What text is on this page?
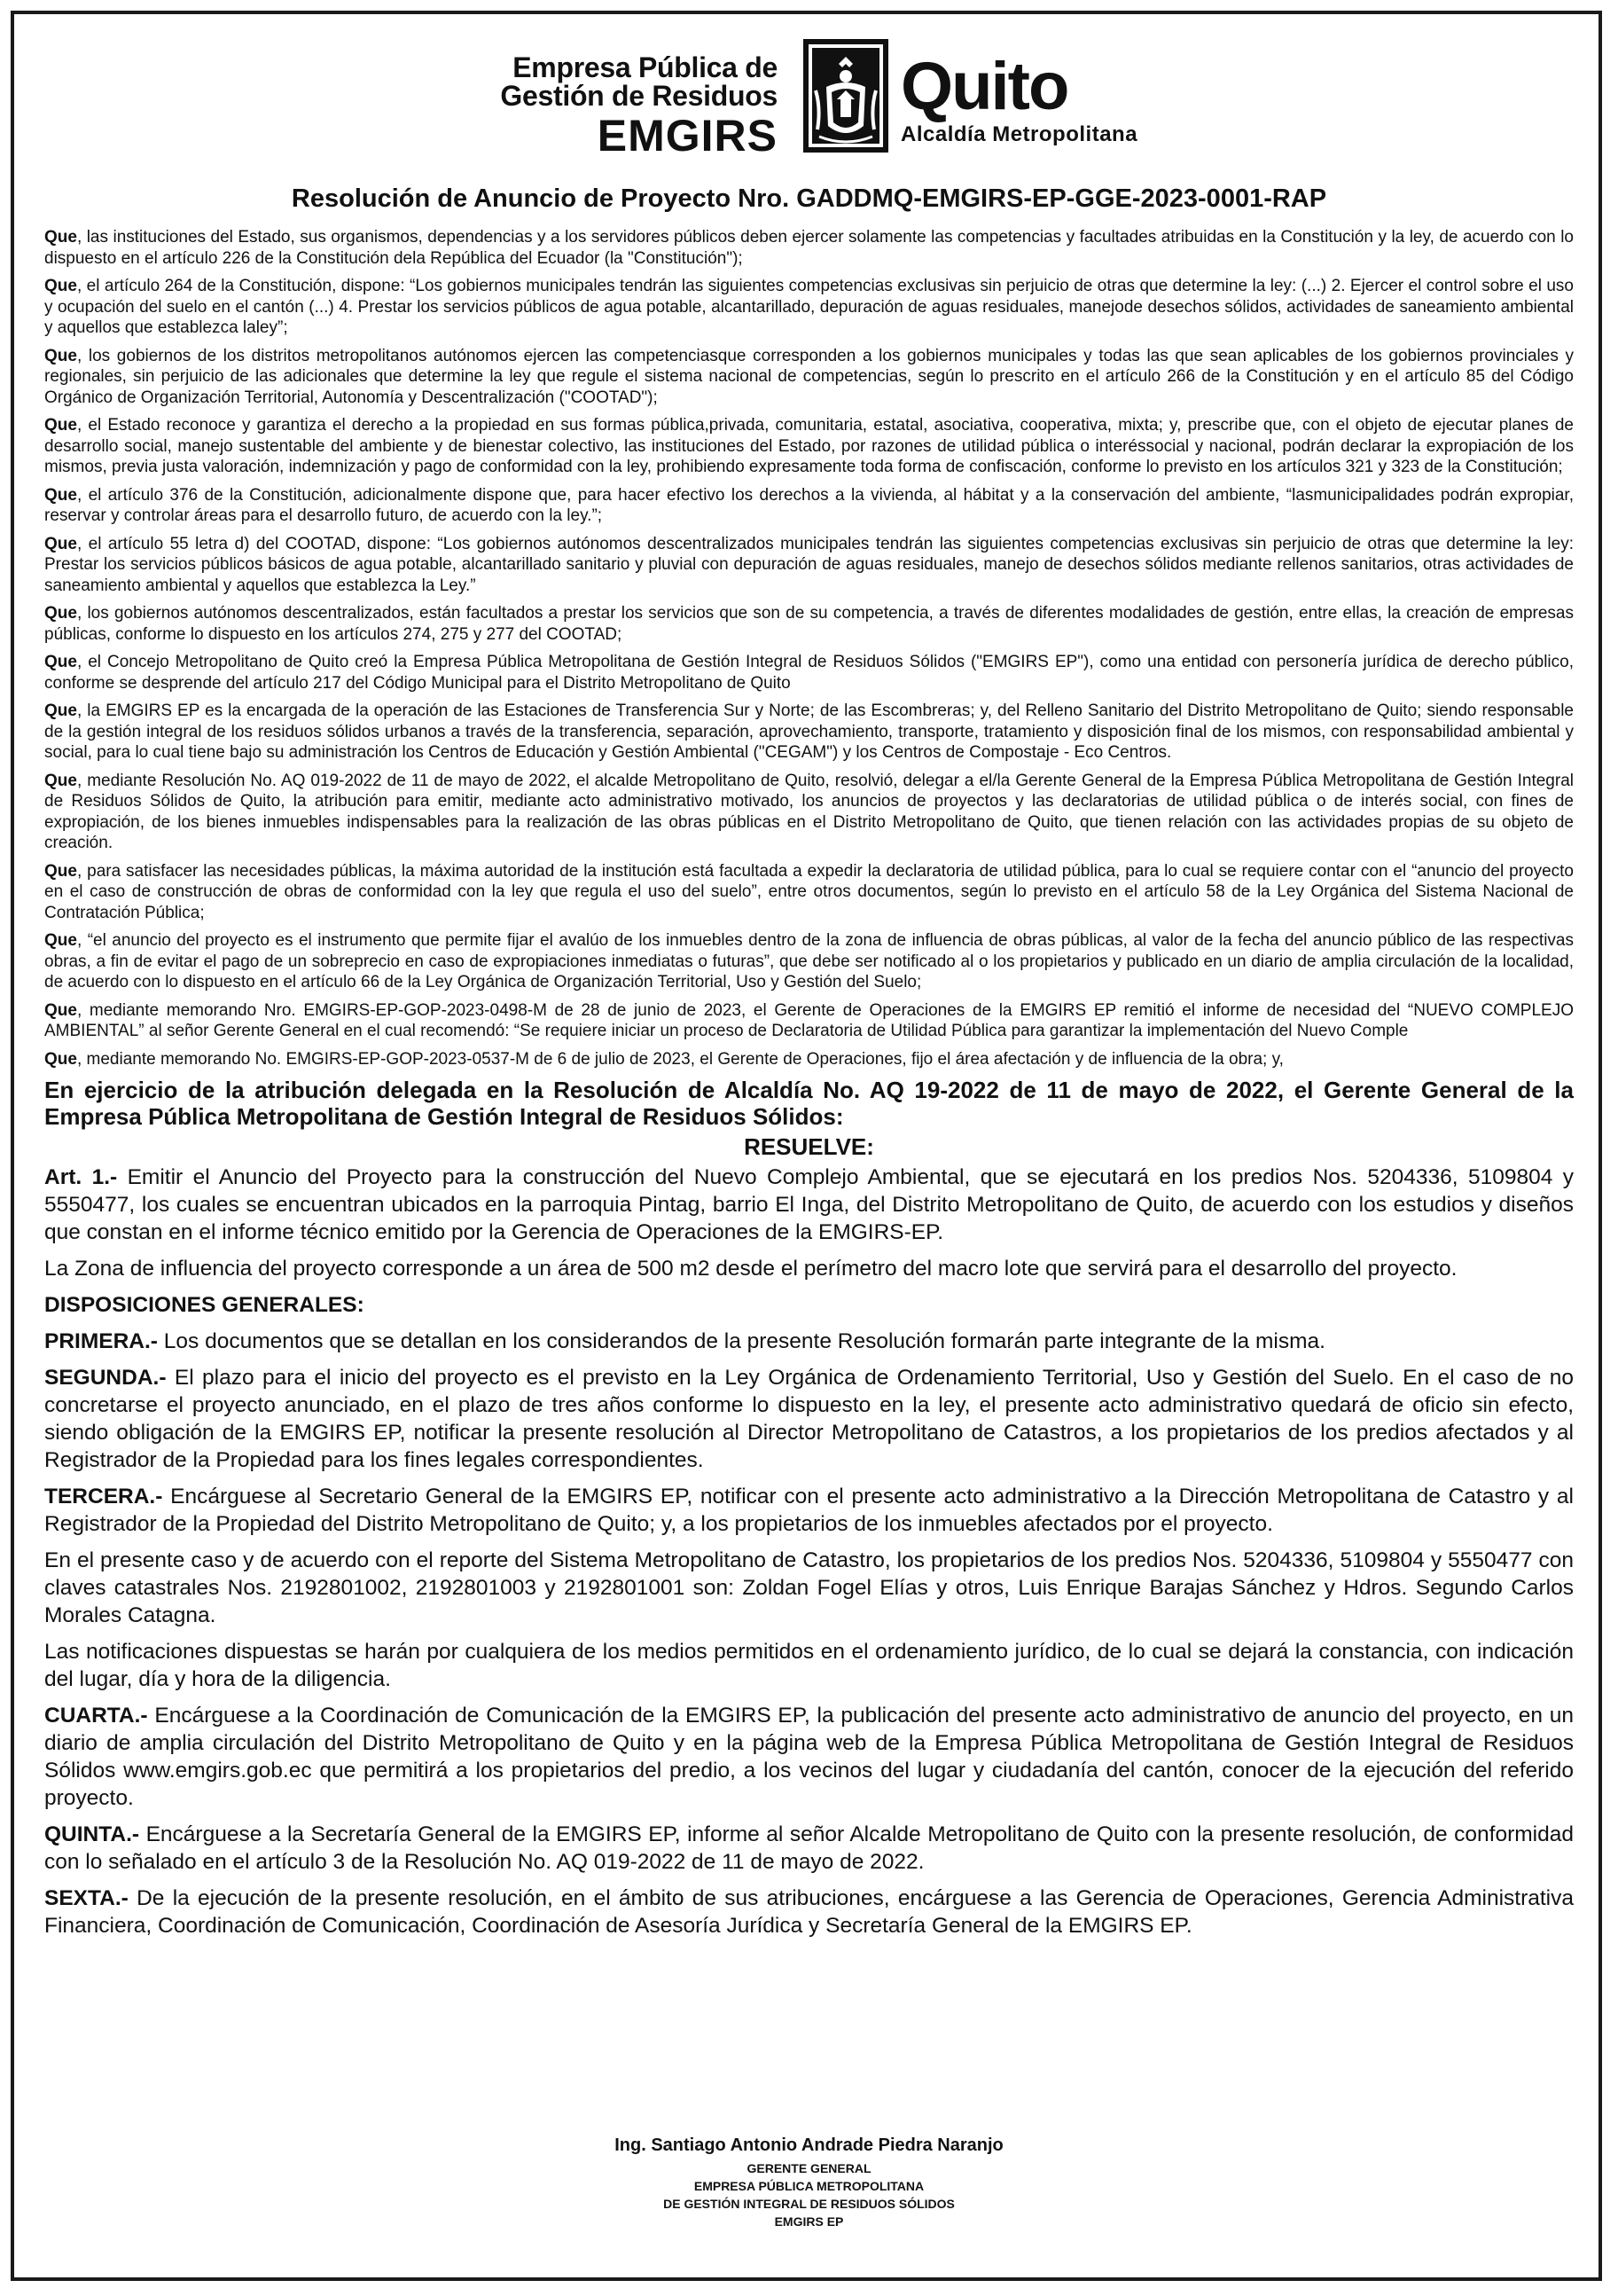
Empresa Pública de
Gestión de Residuos
EMGIRS
Quito
Alcaldía Metropolitana
Resolución de Anuncio de Proyecto Nro. GADDMQ-EMGIRS-EP-GGE-2023-0001-RAP

Que, las instituciones del Estado, sus organismos, dependencias y a los servidores públicos deben ejercer solamente las competencias y facultades atribuidas en la Constitución y la ley, de acuerdo con lo dispuesto en el artículo 226 de la Constitución dela República del Ecuador (la "Constitución");

Que, el artículo 264 de la Constitución, dispone: “Los gobiernos municipales tendrán las siguientes competencias exclusivas sin perjuicio de otras que determine la ley: (...) 2. Ejercer el control sobre el uso y ocupación del suelo en el cantón (...) 4. Prestar los servicios públicos de agua potable, alcantarillado, depuración de aguas residuales, manejode desechos sólidos, actividades de saneamiento ambiental y aquellos que establezca laley”;

Que, los gobiernos de los distritos metropolitanos autónomos ejercen las competenciasque corresponden a los gobiernos municipales y todas las que sean aplicables de los gobiernos provinciales y regionales, sin perjuicio de las adicionales que determine la ley que regule el sistema nacional de competencias, según lo prescrito en el artículo 266 de la Constitución y en el artículo 85 del Código Orgánico de Organización Territorial, Autonomía y Descentralización ("COOTAD");

Que, el Estado reconoce y garantiza el derecho a la propiedad en sus formas pública,privada, comunitaria, estatal, asociativa, cooperativa, mixta; y, prescribe que, con el objeto de ejecutar planes de desarrollo social, manejo sustentable del ambiente y de bienestar colectivo, las instituciones del Estado, por razones de utilidad pública o interéssocial y nacional, podrán declarar la expropiación de los mismos, previa justa valoración, indemnización y pago de conformidad con la ley, prohibiendo expresamente toda forma de confiscación, conforme lo previsto en los artículos 321 y 323 de la Constitución;

Que, el artículo 376 de la Constitución, adicionalmente dispone que, para hacer efectivo los derechos a la vivienda, al hábitat y a la conservación del ambiente, “lasmunicipalidades podrán expropiar, reservar y controlar áreas para el desarrollo futuro, de acuerdo con la ley.”;

Que, el artículo 55 letra d) del COOTAD, dispone: “Los gobiernos autónomos descentralizados municipales tendrán las siguientes competencias exclusivas sin perjuicio de otras que determine la ley: Prestar los servicios públicos básicos de agua potable, alcantarillado sanitario y pluvial con depuración de aguas residuales, manejo de desechos sólidos mediante rellenos sanitarios, otras actividades de saneamiento ambiental y aquellos que establezca la Ley.”

Que, los gobiernos autónomos descentralizados, están facultados a prestar los servicios que son de su competencia, a través de diferentes modalidades de gestión, entre ellas, la creación de empresas públicas, conforme lo dispuesto en los artículos 274, 275 y 277 del COOTAD;

Que, el Concejo Metropolitano de Quito creó la Empresa Pública Metropolitana de Gestión Integral de Residuos Sólidos ("EMGIRS EP"), como una entidad con personería jurídica de derecho público, conforme se desprende del artículo 217 del Código Municipal para el Distrito Metropolitano de Quito

Que, la EMGIRS EP es la encargada de la operación de las Estaciones de Transferencia Sur y Norte; de las Escombreras; y, del Relleno Sanitario del Distrito Metropolitano de Quito; siendo responsable de la gestión integral de los residuos sólidos urbanos a través de la transferencia, separación, aprovechamiento, transporte, tratamiento y disposición final de los mismos, con responsabilidad ambiental y social, para lo cual tiene bajo su administración los Centros de Educación y Gestión Ambiental ("CEGAM") y los Centros de Compostaje - Eco Centros.

Que, mediante Resolución No. AQ 019-2022 de 11 de mayo de 2022, el alcalde Metropolitano de Quito, resolvió, delegar a el/la Gerente General de la Empresa Pública Metropolitana de Gestión Integral de Residuos Sólidos de Quito, la atribución para emitir, mediante acto administrativo motivado, los anuncios de proyectos y las declaratorias de utilidad pública o de interés social, con fines de expropiación, de los bienes inmuebles indispensables para la realización de las obras públicas en el Distrito Metropolitano de Quito, que tienen relación con las actividades propias de su objeto de creación.

Que, para satisfacer las necesidades públicas, la máxima autoridad de la institución está facultada a expedir la declaratoria de utilidad pública, para lo cual se requiere contar con el “anuncio del proyecto en el caso de construcción de obras de conformidad con la ley que regula el uso del suelo”, entre otros documentos, según lo previsto en el artículo 58 de la Ley Orgánica del Sistema Nacional de Contratación Pública;

Que, “el anuncio del proyecto es el instrumento que permite fijar el avalúo de los inmuebles dentro de la zona de influencia de obras públicas, al valor de la fecha del anuncio público de las respectivas obras, a fin de evitar el pago de un sobreprecio en caso de expropiaciones inmediatas o futuras”, que debe ser notificado al o los propietarios y publicado en un diario de amplia circulación de la localidad, de acuerdo con lo dispuesto en el artículo 66 de la Ley Orgánica de Organización Territorial, Uso y Gestión del Suelo;

Que, mediante memorando Nro. EMGIRS-EP-GOP-2023-0498-M de 28 de junio de 2023, el Gerente de Operaciones de la EMGIRS EP remitió el informe de necesidad del “NUEVO COMPLEJO AMBIENTAL” al señor Gerente General en el cual recomendó: “Se requiere iniciar un proceso de Declaratoria de Utilidad Pública para garantizar la implementación del Nuevo Comple

Que, mediante memorando No. EMGIRS-EP-GOP-2023-0537-M de 6 de julio de 2023, el Gerente de Operaciones, fijo el área afectación y de influencia de la obra; y,

En ejercicio de la atribución delegada en la Resolución de Alcaldía No. AQ 19-2022 de 11 de mayo de 2022, el Gerente General de la Empresa Pública Metropolitana de Gestión Integral de Residuos Sólidos:

RESUELVE:

Art. 1.- Emitir el Anuncio del Proyecto para la construcción del Nuevo Complejo Ambiental, que se ejecutará en los predios Nos. 5204336, 5109804 y 5550477, los cuales se encuentran ubicados en la parroquia Pintag, barrio El Inga, del Distrito Metropolitano de Quito, de acuerdo con los estudios y diseños que constan en el informe técnico emitido por la Gerencia de Operaciones de la EMGIRS-EP.

La Zona de influencia del proyecto corresponde a un área de 500 m2 desde el perímetro del macro lote que servirá para el desarrollo del proyecto.

DISPOSICIONES GENERALES:

PRIMERA.- Los documentos que se detallan en los considerandos de la presente Resolución formarán parte integrante de la misma.

SEGUNDA.- El plazo para el inicio del proyecto es el previsto en la Ley Orgánica de Ordenamiento Territorial, Uso y Gestión del Suelo. En el caso de no concretarse el proyecto anunciado, en el plazo de tres años conforme lo dispuesto en la ley, el presente acto administrativo quedará de oficio sin efecto, siendo obligación de la EMGIRS EP, notificar la presente resolución al Director Metropolitano de Catastros, a los propietarios de los predios afectados y al Registrador de la Propiedad para los fines legales correspondientes.

TERCERA.- Encárguese al Secretario General de la EMGIRS EP, notificar con el presente acto administrativo a la Dirección Metropolitana de Catastro y al Registrador de la Propiedad del Distrito Metropolitano de Quito; y, a los propietarios de los inmuebles afectados por el proyecto.

En el presente caso y de acuerdo con el reporte del Sistema Metropolitano de Catastro, los propietarios de los predios Nos. 5204336, 5109804 y 5550477 con claves catastrales Nos. 2192801002, 2192801003 y 2192801001 son: Zoldan Fogel Elías y otros, Luis Enrique Barajas Sánchez y Hdros. Segundo Carlos Morales Catagna.

Las notificaciones dispuestas se harán por cualquiera de los medios permitidos en el ordenamiento jurídico, de lo cual se dejará la constancia, con indicación del lugar, día y hora de la diligencia.

CUARTA.- Encárguese a la Coordinación de Comunicación de la EMGIRS EP, la publicación del presente acto administrativo de anuncio del proyecto, en un diario de amplia circulación del Distrito Metropolitano de Quito y en la página web de la Empresa Pública Metropolitana de Gestión Integral de Residuos Sólidos www.emgirs.gob.ec que permitirá a los propietarios del predio, a los vecinos del lugar y ciudadanía del cantón, conocer de la ejecución del referido proyecto.

QUINTA.- Encárguese a la Secretaría General de la EMGIRS EP, informe al señor Alcalde Metropolitano de Quito con la presente resolución, de conformidad con lo señalado en el artículo 3 de la Resolución No. AQ 019-2022 de 11 de mayo de 2022.

SEXTA.- De la ejecución de la presente resolución, en el ámbito de sus atribuciones, encárguese a las Gerencia de Operaciones, Gerencia Administrativa Financiera, Coordinación de Comunicación, Coordinación de Asesoría Jurídica y Secretaría General de la EMGIRS EP.

Ing. Santiago Antonio Andrade Piedra Naranjo
GERENTE GENERAL
EMPRESA PÚBLICA METROPOLITANA
DE GESTIÓN INTEGRAL DE RESIDUOS SÓLIDOS
EMGIRS EP
